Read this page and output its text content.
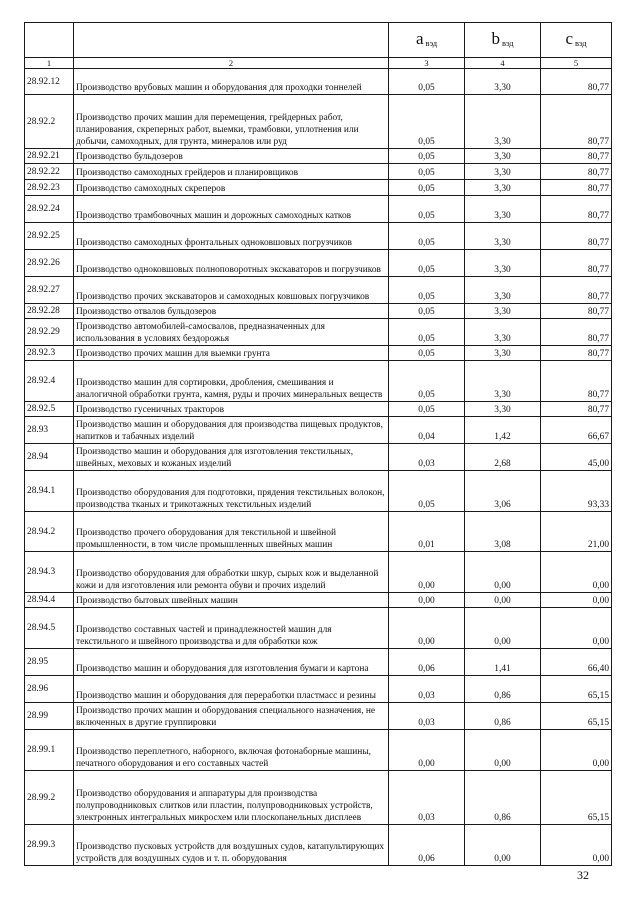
		a $_{вэд}$	b $_{вэд}$	c $_{вэд}$
1	2	3	4	5
28.92.12	Производство врубовых машин и оборудования для проходки тоннелей	0,05	3,30	80,77
28.92.2	Производство прочих машин для перемещения, грейдерных работ, планирования, скреперных работ, выемки, трамбовки, уплотнения или добычи, самоходных, для грунта, минералов или руд	0,05	3,30	80,77
28.92.21	Производство бульдозеров	0,05	3,30	80,77
28.92.22	Производство самоходных грейдеров и планировщиков	0,05	3,30	80,77
28.92.23	Производство самоходных скреперов	0,05	3,30	80,77
28.92.24	Производство трамбовочных машин и дорожных самоходных катков	0,05	3,30	80,77
28.92.25	Производство самоходных фронтальных одноковшовых погрузчиков	0,05	3,30	80,77
28.92.26	Производство одноковшовых полноповоротных экскаваторов и погрузчиков	0,05	3,30	80,77
28.92.27	Производство прочих экскаваторов и самоходных ковшовых погрузчиков	0,05	3,30	80,77
28.92.28	Производство отвалов бульдозеров	0,05	3,30	80,77
28.92.29	Производство автомобилей-самосвалов, предназначенных для использования в условиях бездорожья	0,05	3,30	80,77
28.92.3	Производство прочих машин для выемки грунта	0,05	3,30	80,77
28.92.4	Производство машин для сортировки, дробления, смешивания и аналогичной обработки грунта, камня, руды и прочих минеральных веществ	0,05	3,30	80,77
28.92.5	Производство гусеничных тракторов	0,05	3,30	80,77
28.93	Производство машин и оборудования для производства пищевых продуктов, напитков и табачных изделий	0,04	1,42	66,67
28.94	Производство машин и оборудования для изготовления текстильных, швейных, меховых и кожаных изделий	0,03	2,68	45,00
28.94.1	Производство оборудования для подготовки, прядения текстильных волокон, производства тканых и трикотажных текстильных изделий	0,05	3,06	93,33
28.94.2	Производство прочего оборудования для текстильной и швейной промышленности, в том числе промышленных швейных машин	0,01	3,08	21,00
28.94.3	Производство оборудования для обработки шкур, сырых кож и выделанной кожи и для изготовления или ремонта обуви и прочих изделий	0,00	0,00	0,00
28.94.4	Производство бытовых швейных машин	0,00	0,00	0,00
28.94.5	Производство составных частей и принадлежностей машин для текстильного и швейного производства и для обработки кож	0,00	0,00	0,00
28.95	Производство машин и оборудования для изготовления бумаги и картона	0,06	1,41	66,40
28.96	Производство машин и оборудования для переработки пластмасс и резины	0,03	0,86	65,15
28.99	Производство прочих машин и оборудования специального назначения, не включенных в другие группировки	0,03	0,86	65,15
28.99.1	Производство переплетного, наборного, включая фотонаборные машины, печатного оборудования и его составных частей	0,00	0,00	0,00
28.99.2	Производство оборудования и аппаратуры для производства полупроводниковых слитков или пластин, полупроводниковых устройств, электронных интегральных микросхем или плоскопанельных дисплеев	0,03	0,86	65,15
28.99.3	Производство пусковых устройств для воздушных судов, катапультирующих устройств для воздушных судов и т. п. оборудования	0,06	0,00	0,00
32
